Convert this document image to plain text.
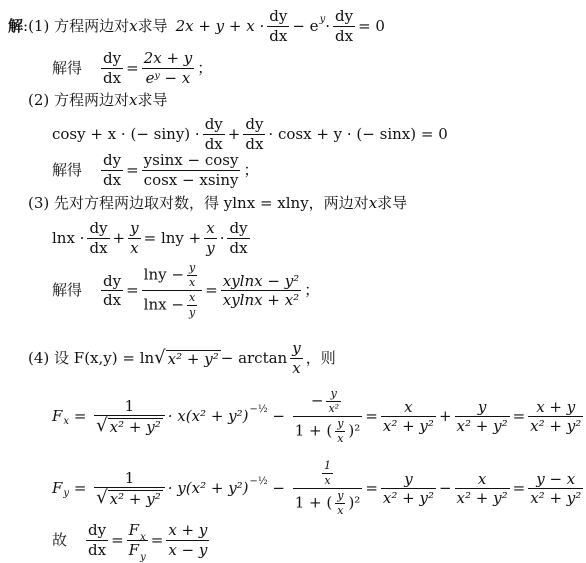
解 :(1) 方程两边对 x 求导 $2x + y + x \cdot \frac{dy}{dx} - e$ $y \cdot \frac{dy}{dx} = 0$
解得 $\frac{dy}{dx} = \frac{2x + y}{\text{eʸ − x}}$ ；
(2) 方程两边对 x 求导
cosy + x · (− $\sin y) \cdot \frac{dy}{dx} + \frac{dy}{dx} \cdot \cos x + y$ · (− sinx) = 0
解得 $\frac{dy}{dx} = \frac{ysinx - \cos y}{\cos x - xsiny}$ ；
(3) 先对方程两边取对数，得 ylnx = xlny，两边对 x 求导
$\ln x \cdot \frac{dy}{dx} + \frac{y}{x} = \ln y + \frac{x}{y} \cdot \frac{dy}{dx}$
解得 $\frac{dy}{dx} = \frac{\ln y - \frac{y}{x}}{\ln x - \frac{x}{y}} = \frac{\text{xylnx − y²}}{\text{xylnx + x²}}$ ；
(4) 设 F(x,y) = ln √ $x^2 + y^2 - \arctan \frac{y}{x}$ ，则
F $x = \frac{1}{\text{√ x² + y²}} \cdot x(x^2 + y^2)$ −½ − $\frac{- \frac{y}{\text{x²}}}{1 + ( \frac{y}{x} )^2} = \frac{x}{\text{x² + y²}} + \frac{y}{\text{x² + y²}} = \frac{x + y}{\text{x² + y²}}$
F $y = \frac{1}{\text{√ x² + y²}} \cdot y(x^2 + y^2)$ −½ − $\frac{\frac{1}{x}}{1 + ( \frac{y}{x} )^2} = \frac{y}{\text{x² + y²}} - \frac{x}{\text{x² + y²}} = \frac{y - x}{\text{x² + y²}}$
故 $\frac{dy}{dx} = \frac{F_x}{F_y} = \frac{x + y}{x - y}$
